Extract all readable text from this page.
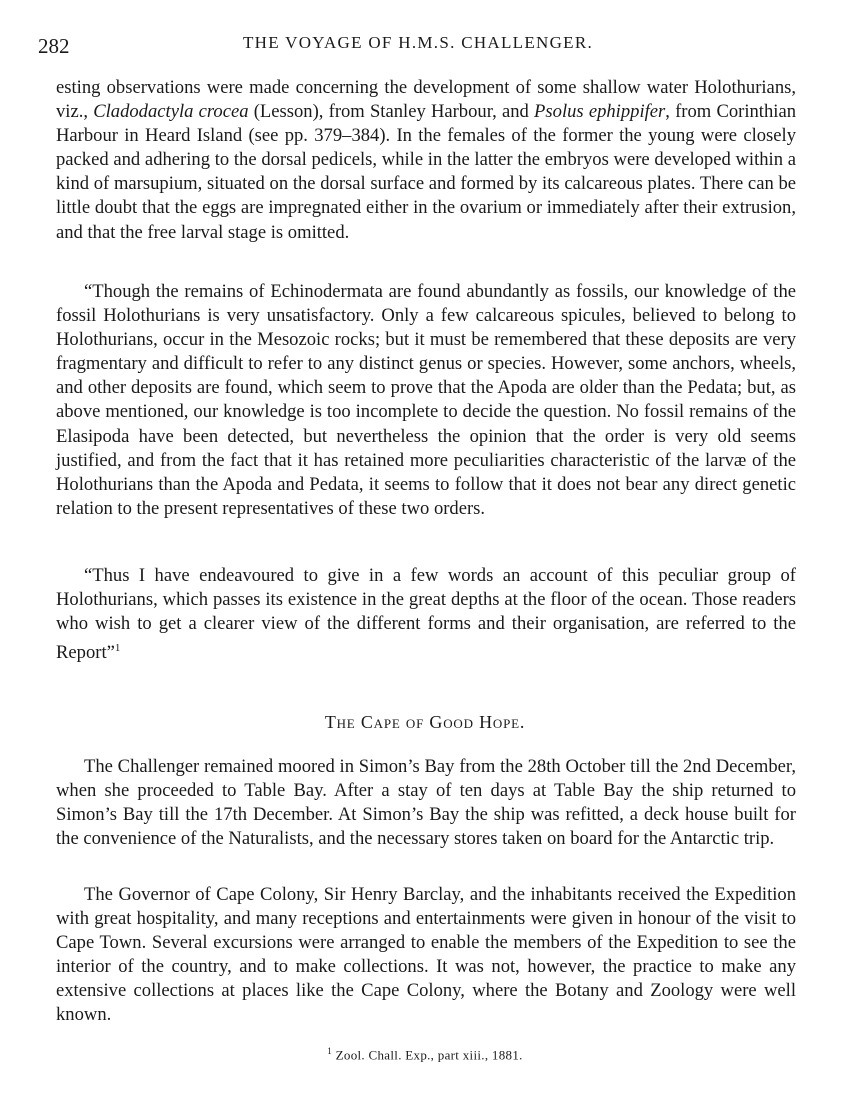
282	THE VOYAGE OF H.M.S. CHALLENGER.

esting observations were made concerning the development of some shallow water Holothurians, viz., Cladodactyla crocea (Lesson), from Stanley Harbour, and Psolus ephippifer, from Corinthian Harbour in Heard Island (see pp. 379–384). In the females of the former the young were closely packed and adhering to the dorsal pedicels, while in the latter the embryos were developed within a kind of marsupium, situated on the dorsal surface and formed by its calcareous plates. There can be little doubt that the eggs are impregnated either in the ovarium or immediately after their extrusion, and that the free larval stage is omitted.

“Though the remains of Echinodermata are found abundantly as fossils, our knowledge of the fossil Holothurians is very unsatisfactory. Only a few calcareous spicules, believed to belong to Holothurians, occur in the Mesozoic rocks; but it must be remembered that these deposits are very fragmentary and difficult to refer to any distinct genus or species. However, some anchors, wheels, and other deposits are found, which seem to prove that the Apoda are older than the Pedata; but, as above mentioned, our knowledge is too incomplete to decide the question. No fossil remains of the Elasipoda have been detected, but nevertheless the opinion that the order is very old seems justified, and from the fact that it has retained more peculiarities characteristic of the larvæ of the Holothurians than the Apoda and Pedata, it seems to follow that it does not bear any direct genetic relation to the present representatives of these two orders.

“Thus I have endeavoured to give in a few words an account of this peculiar group of Holothurians, which passes its existence in the great depths at the floor of the ocean. Those readers who wish to get a clearer view of the different forms and their organisation, are referred to the Report”$^1$

The Cape of Good Hope.

The Challenger remained moored in Simon’s Bay from the 28th October till the 2nd December, when she proceeded to Table Bay. After a stay of ten days at Table Bay the ship returned to Simon’s Bay till the 17th December. At Simon’s Bay the ship was refitted, a deck house built for the convenience of the Naturalists, and the necessary stores taken on board for the Antarctic trip.

The Governor of Cape Colony, Sir Henry Barclay, and the inhabitants received the Expedition with great hospitality, and many receptions and entertainments were given in honour of the visit to Cape Town. Several excursions were arranged to enable the members of the Expedition to see the interior of the country, and to make collections. It was not, however, the practice to make any extensive collections at places like the Cape Colony, where the Botany and Zoology were well known.

$^1$ Zool. Chall. Exp., part xiii., 1881.
